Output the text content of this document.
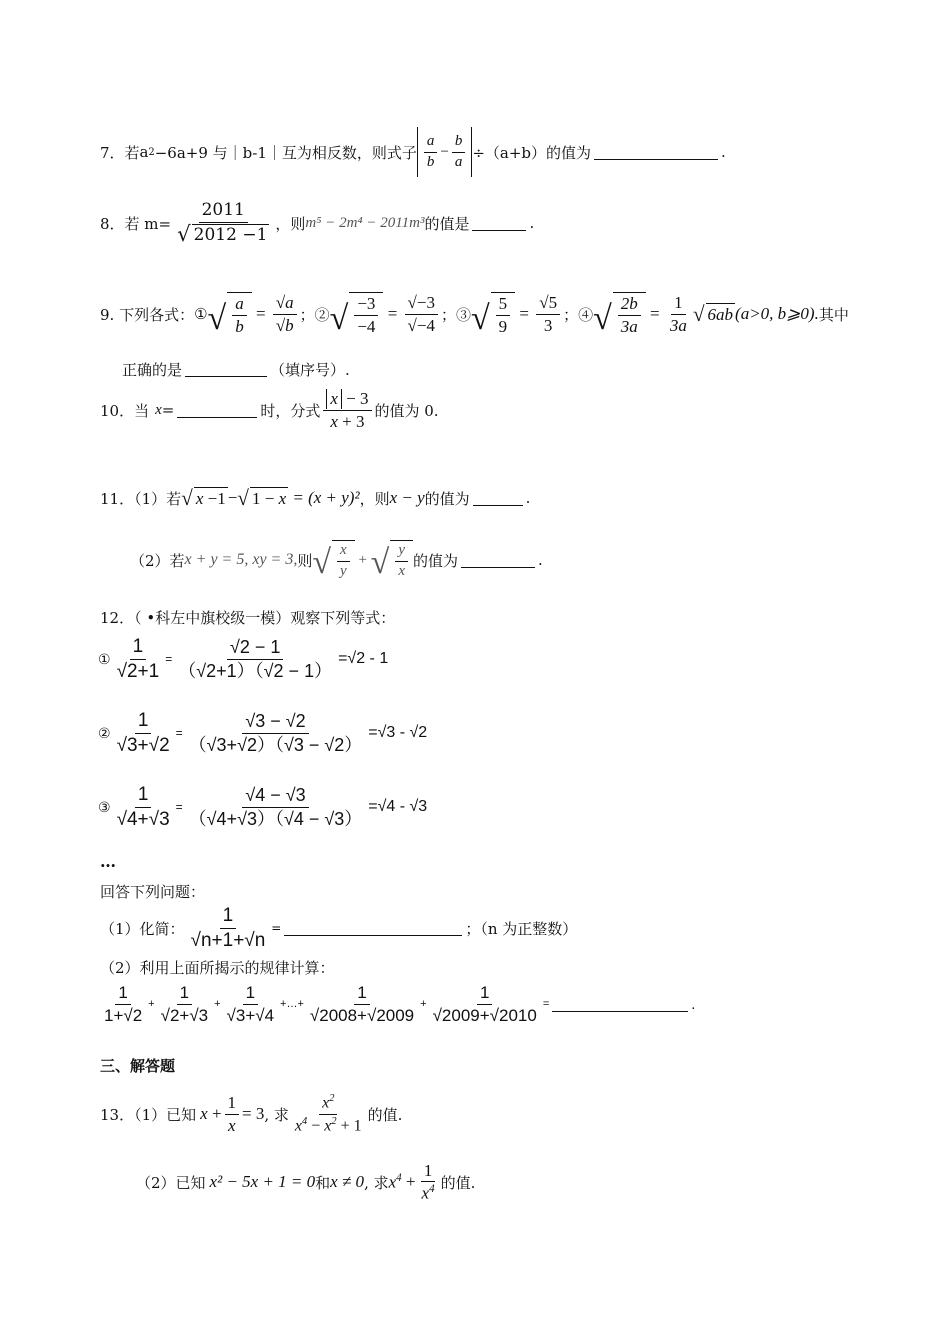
7．若 a 2 −6a+9 与｜b-1｜互为相反数，则式子 $\frac{a}{b} - \frac{b}{a} \div(a+b)$的值为	.
8．若 $m= \frac{2011}{√ 2012 -1}$ ，则 m⁵ − 2m⁴ − 2011m³ 的值是	.
9. 下列各式： ① √ $\frac{a}{b} = \frac{√a}{√b}$ ；② √ $\frac{-3}{-4} = \frac{√-3}{√-4}$ ；③ √ $\frac{5}{9} = \frac{√5}{3}$ ；④ √ $\frac{2b}{3a} = \frac{1}{3a}$ √ 6ab (a>0, b⩾0). 其中
正确的是	（填序号）.
10．当 x =	时，分式 $\frac{x - 3}{x + 3}$ 的值为 0.
11．（1）若 √ x −1 − √ 1 − x
= (x + y)² ，则 x − y 的值为	.
（2）若 x + y = 5, xy = 3, 则 √ $\frac{x}{y}$ + √ $\frac{y}{x}$ 的值为	.
12．（ •科左中旗校级一模）观察下列等式：
① $\frac{1}{√2+1} = \frac{√2 - 1}{(√2+1)(√2 - 1)} =√2 - 1$
② $\frac{1}{√3+√2} = \frac{√3 - √2}{(√3+√2)(√3 - √2)} =√3 - √2$
③ $\frac{1}{√4+√3} = \frac{√4 - √3}{(√4+√3)(√4 - √3)} =√4 - √3$
…
回答下列问题：
（1）化简： $\frac{1}{√n+1+√n}$ =	；（n 为正整数）
（2）利用上面所揭示的规律计算：
$\frac{1}{1+√2} + \frac{1}{√2+√3} + \frac{1}{√3+√4}$ +…+ $\frac{1}{√2008+√2009} + \frac{1}{√2009+√2010}$ =	.
三、解答题
13．（1）已知 $x + \frac{1}{x} = 3$ , 求 $\frac{x^2}{x^4 - x^2 + 1}$ 的值.
（2）已知 x² − 5x + 1 = 0 和 x ≠ 0 , 求 $x^4 + \frac{1}{x^4}$ 的值.
